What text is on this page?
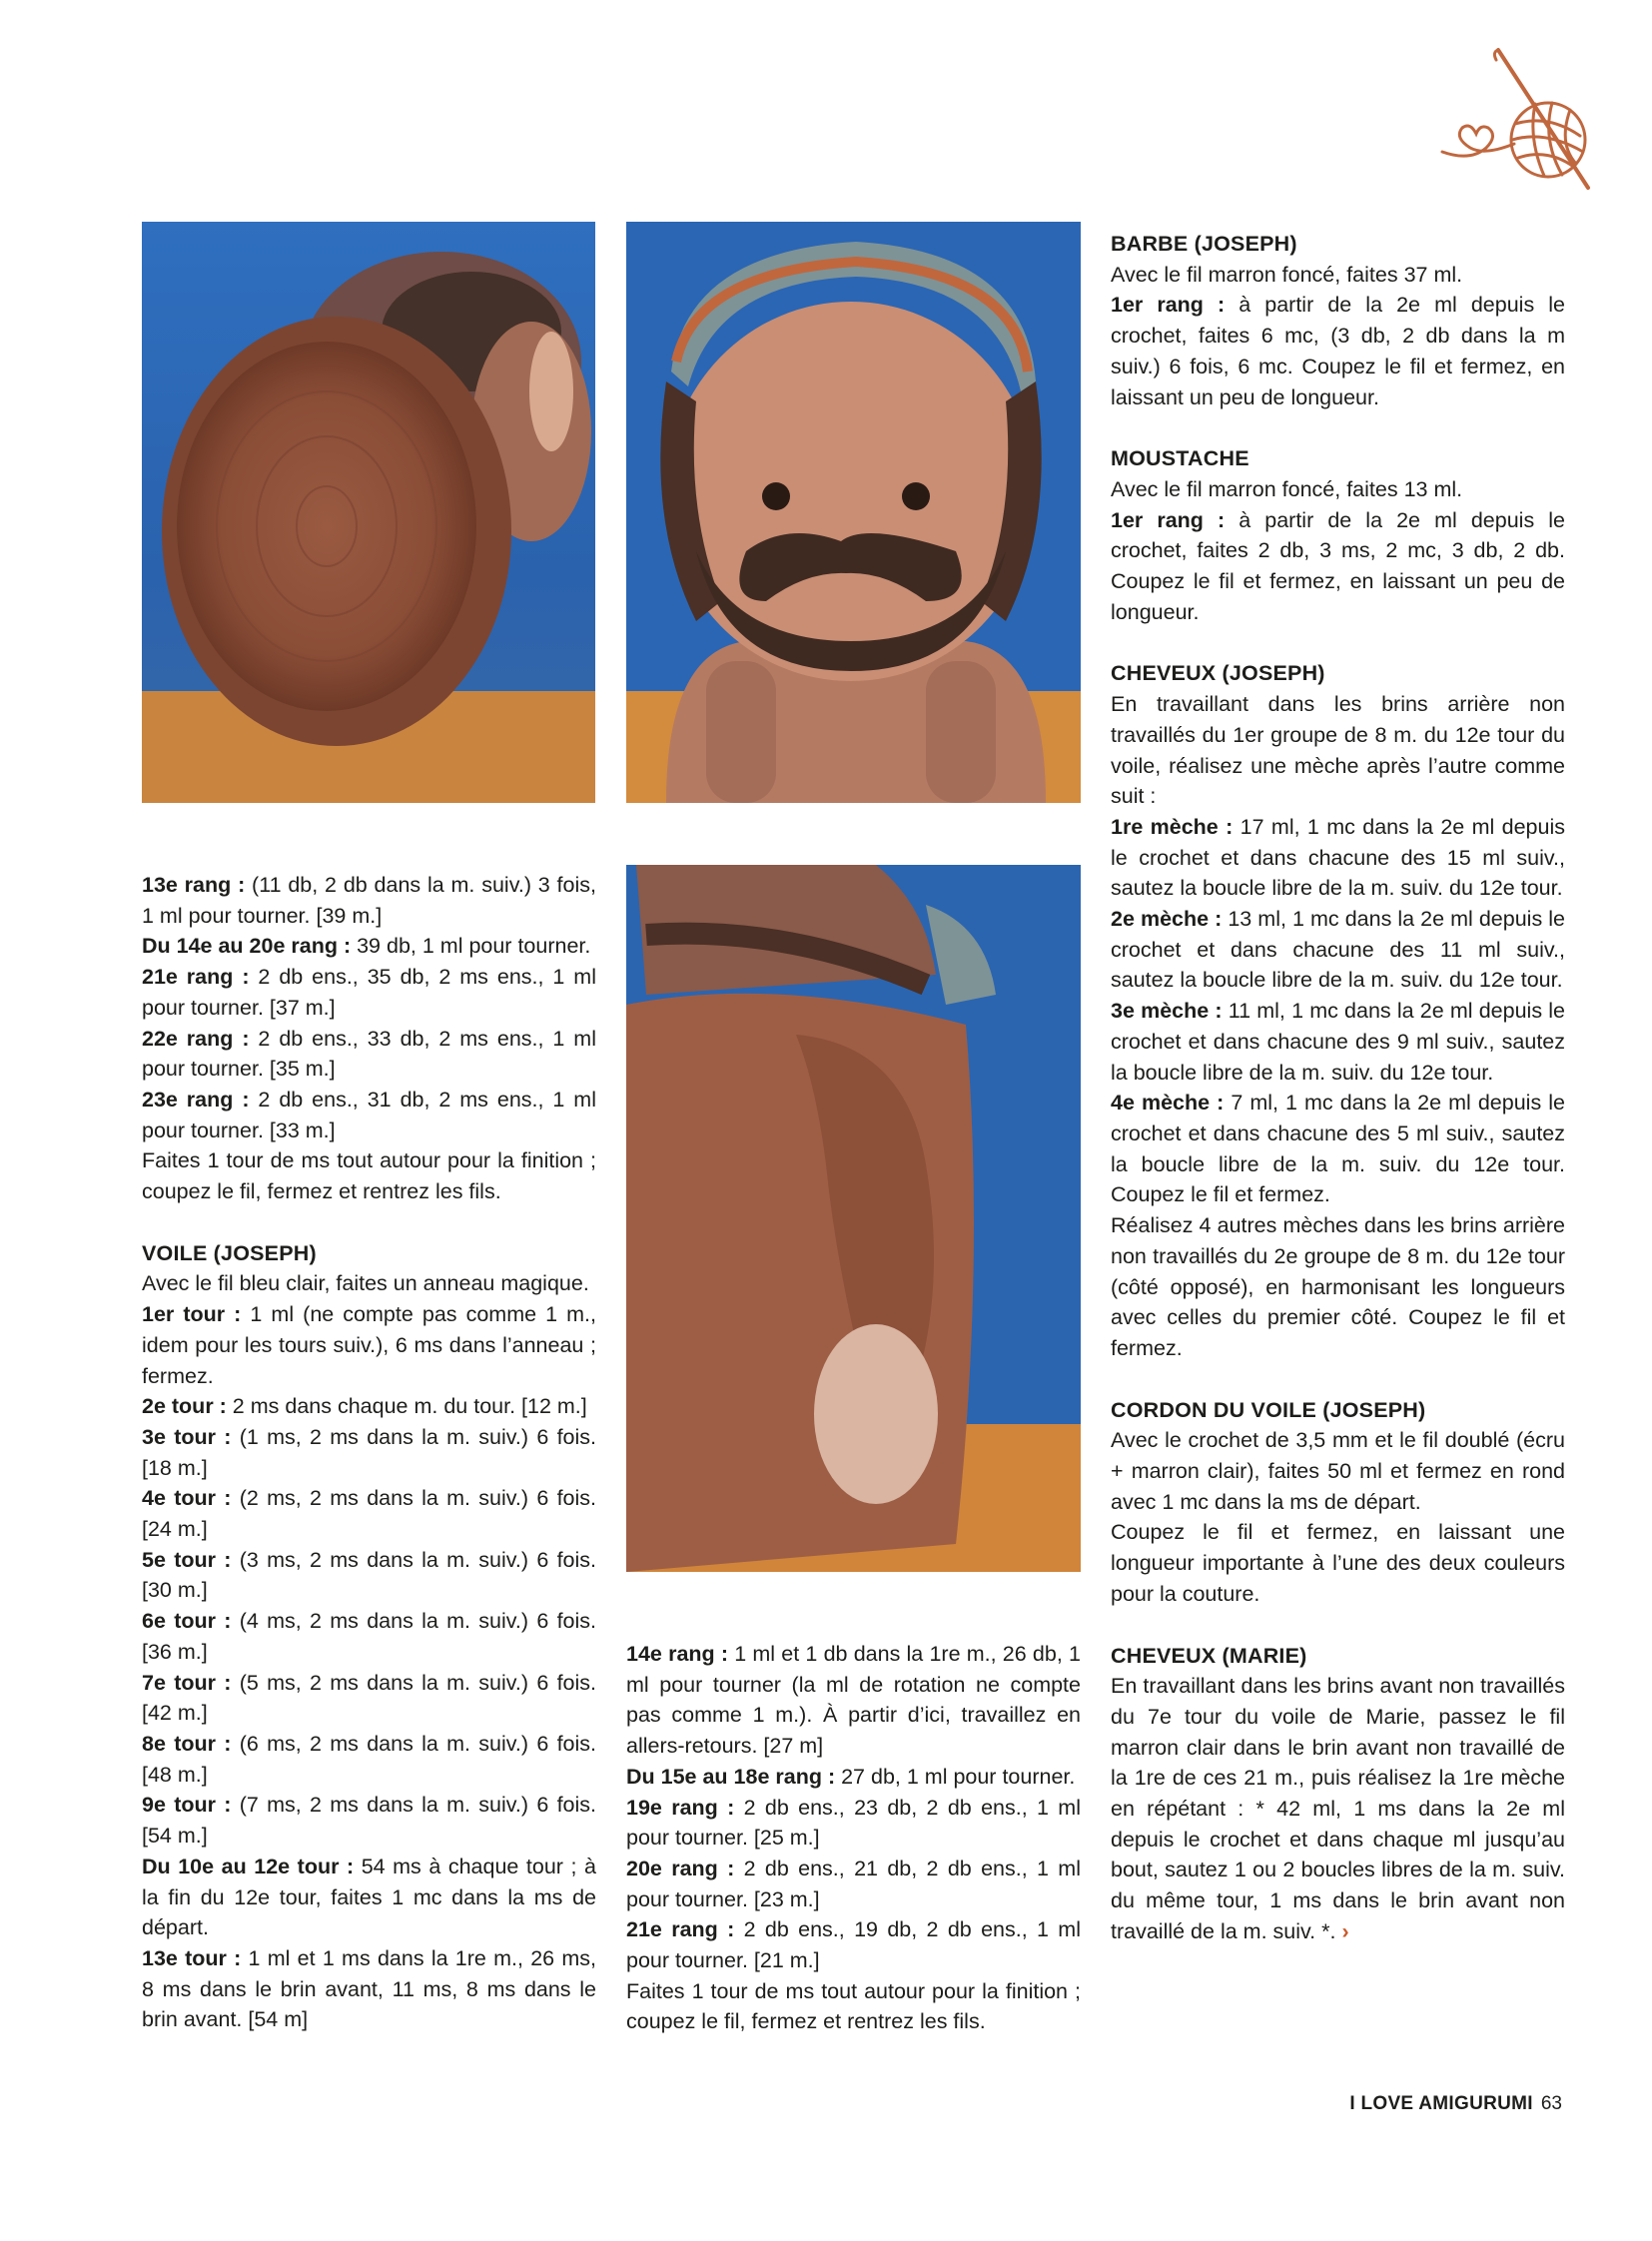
13e rang : (11 db, 2 db dans la m. suiv.) 3 fois, 1 ml pour tourner. [39 m.]

Du 14e au 20e rang : 39 db, 1 ml pour tourner.

21e rang : 2 db ens., 35 db, 2 ms ens., 1 ml pour tourner. [37 m.]

22e rang : 2 db ens., 33 db, 2 ms ens., 1 ml pour tourner. [35 m.]

23e rang : 2 db ens., 31 db, 2 ms ens., 1 ml pour tourner. [33 m.]

Faites 1 tour de ms tout autour pour la finition ; coupez le fil, fermez et rentrez les fils.

VOILE (JOSEPH)

Avec le fil bleu clair, faites un anneau magique.

1er tour : 1 ml (ne compte pas comme 1 m., idem pour les tours suiv.), 6 ms dans l’anneau ; fermez.

2e tour : 2 ms dans chaque m. du tour. [12 m.]

3e tour : (1 ms, 2 ms dans la m. suiv.) 6 fois. [18 m.]

4e tour : (2 ms, 2 ms dans la m. suiv.) 6 fois. [24 m.]

5e tour : (3 ms, 2 ms dans la m. suiv.) 6 fois. [30 m.]

6e tour : (4 ms, 2 ms dans la m. suiv.) 6 fois. [36 m.]

7e tour : (5 ms, 2 ms dans la m. suiv.) 6 fois. [42 m.]

8e tour : (6 ms, 2 ms dans la m. suiv.) 6 fois. [48 m.]

9e tour : (7 ms, 2 ms dans la m. suiv.) 6 fois. [54 m.]

Du 10e au 12e tour : 54 ms à chaque tour ; à la fin du 12e tour, faites 1 mc dans la ms de départ.

13e tour : 1 ml et 1 ms dans la 1re m., 26 ms, 8 ms dans le brin avant, 11 ms, 8 ms dans le brin avant. [54 m]

14e rang : 1 ml et 1 db dans la 1re m., 26 db, 1 ml pour tourner (la ml de rotation ne compte pas comme 1 m.). À partir d’ici, travaillez en allers-retours. [27 m]

Du 15e au 18e rang : 27 db, 1 ml pour tourner.

19e rang : 2 db ens., 23 db, 2 db ens., 1 ml pour tourner. [25 m.]

20e rang : 2 db ens., 21 db, 2 db ens., 1 ml pour tourner. [23 m.]

21e rang : 2 db ens., 19 db, 2 db ens., 1 ml pour tourner. [21 m.]

Faites 1 tour de ms tout autour pour la finition ; coupez le fil, fermez et rentrez les fils.

BARBE (JOSEPH)

Avec le fil marron foncé, faites 37 ml.

1er rang : à partir de la 2e ml depuis le crochet, faites 6 mc, (3 db, 2 db dans la m suiv.) 6 fois, 6 mc. Coupez le fil et fermez, en laissant un peu de longueur.

MOUSTACHE

Avec le fil marron foncé, faites 13 ml.

1er rang : à partir de la 2e ml depuis le crochet, faites 2 db, 3 ms, 2 mc, 3 db, 2 db. Coupez le fil et fermez, en laissant un peu de longueur.

CHEVEUX (JOSEPH)

En travaillant dans les brins arrière non travaillés du 1er groupe de 8 m. du 12e tour du voile, réalisez une mèche après l’autre comme suit :

1re mèche : 17 ml, 1 mc dans la 2e ml depuis le crochet et dans chacune des 15 ml suiv., sautez la boucle libre de la m. suiv. du 12e tour.

2e mèche : 13 ml, 1 mc dans la 2e ml depuis le crochet et dans chacune des 11 ml suiv., sautez la boucle libre de la m. suiv. du 12e tour.

3e mèche : 11 ml, 1 mc dans la 2e ml depuis le crochet et dans chacune des 9 ml suiv., sautez la boucle libre de la m. suiv. du 12e tour.

4e mèche : 7 ml, 1 mc dans la 2e ml depuis le crochet et dans chacune des 5 ml suiv., sautez la boucle libre de la m. suiv. du 12e tour. Coupez le fil et fermez.

Réalisez 4 autres mèches dans les brins arrière non travaillés du 2e groupe de 8 m. du 12e tour (côté opposé), en harmonisant les longueurs avec celles du premier côté. Coupez le fil et fermez.

CORDON DU VOILE (JOSEPH)

Avec le crochet de 3,5 mm et le fil doublé (écru + marron clair), faites 50 ml et fermez en rond avec 1 mc dans la ms de départ.

Coupez le fil et fermez, en laissant une longueur importante à l’une des deux couleurs pour la couture.

CHEVEUX (MARIE)

En travaillant dans les brins avant non travaillés du 7e tour du voile de Marie, passez le fil marron clair dans le brin avant non travaillé de la 1re de ces 21 m., puis réalisez la 1re mèche en répétant : * 42 ml, 1 ms dans la 2e ml depuis le crochet et dans chaque ml jusqu’au bout, sautez 1 ou 2 boucles libres de la m. suiv. du même tour, 1 ms dans le brin avant non travaillé de la m. suiv. *. ›

I LOVE AMIGURUMI 63
